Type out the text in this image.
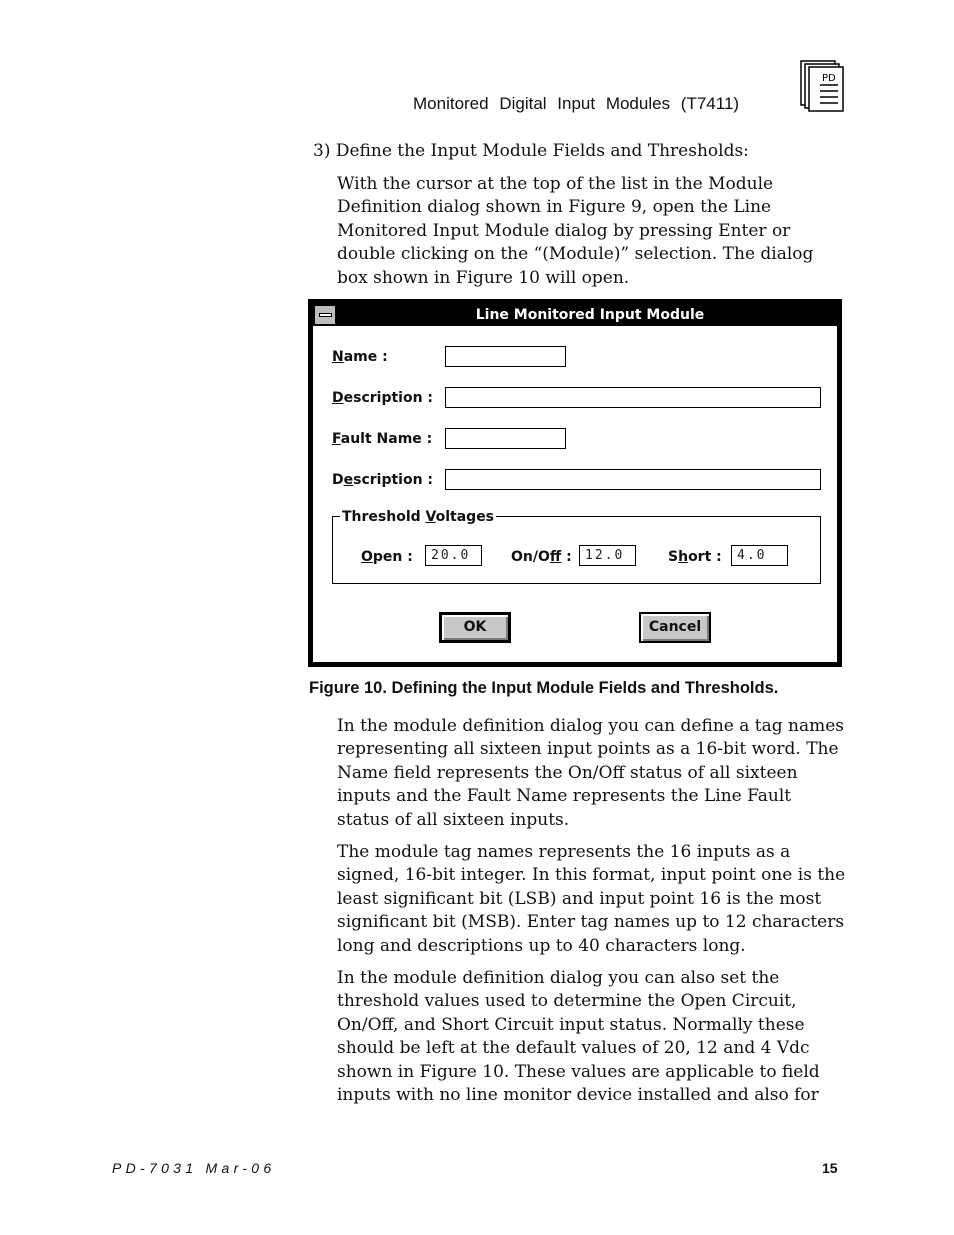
Monitored Digital Input Modules (T7411)
PD
3) Define the Input Module Fields and Thresholds:
With the cursor at the top of the list in the Module Definition dialog shown in Figure 9, open the Line Monitored Input Module dialog by pressing Enter or double clicking on the “(Module)” selection. The dialog box shown in Figure 10 will open.
Line Monitored Input Module
Name :
Description :
Fault Name :
Description :
Threshold Voltages
Open :	20.0	On/Off :	12.0	Short :	4.0
OK	Cancel
Figure 10. Defining the Input Module Fields and Thresholds.
In the module definition dialog you can define a tag names representing all sixteen input points as a 16-bit word. The Name field represents the On/Off status of all sixteen inputs and the Fault Name represents the Line Fault status of all sixteen inputs.
The module tag names represents the 16 inputs as a signed, 16-bit integer. In this format, input point one is the least significant bit (LSB) and input point 16 is the most significant bit (MSB). Enter tag names up to 12 characters long and descriptions up to 40 characters long.
In the module definition dialog you can also set the threshold values used to determine the Open Circuit, On/Off, and Short Circuit input status. Normally these should be left at the default values of 20, 12 and 4 Vdc shown in Figure 10. These values are applicable to field inputs with no line monitor device installed and also for
PD-7031 Mar-06	15
